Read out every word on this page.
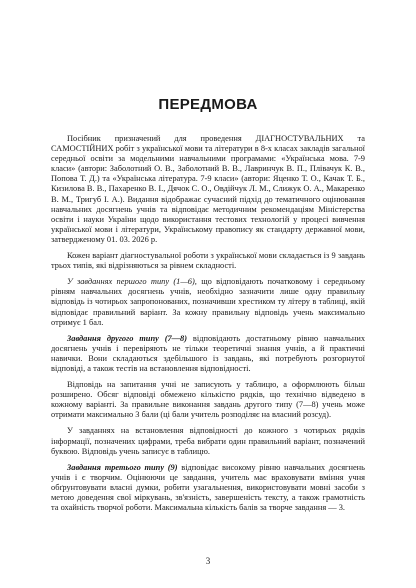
ПЕРЕДМОВА

Посібник призначений для проведення ДІАГНОСТУВАЛЬНИХ та САМОСТІЙНИХ робіт з української мови та літератури в 8-х класах закладів загальної середньої освіти за модельними навчальними програмами: «Українська мова. 7-9 класи» (автори: Заболотний О. В., Заболотний В. В., Лавринчук В. П., Плівачук К. В., Попова Т. Д.) та «Українська література. 7-9 класи» (автори: Яценко Т. О., Качак Т. Б., Кизилова В. В., Пахаренко В. І., Дячок С. О., Овдійчук Л. М., Слижук О. А., Макаренко В. М., Тригуб І. А.). Видання відображає сучасний підхід до тематичного оцінювання навчальних досягнень учнів та відповідає методичним рекомендаціям Міністерства освіти і науки України щодо використання тестових технологій у процесі вивчення української мови і літератури, Українському правопису як стандарту державної мови, затвердженому 01. 03. 2026 р.

Кожен варіант діагностувальної роботи з української мови складається із 9 завдань трьох типів, які відрізняються за рівнем складності.

У завданнях першого типу (1—6), що відповідають початковому і середньому рівням навчальних досягнень учнів, необхідно зазначити лише одну правильну відповідь із чотирьох запропонованих, позначивши хрестиком ту літеру в таблиці, якій відповідає правильний варіант. За кожну правильну відповідь учень максимально отримує 1 бал.

Завдання другого типу (7—8) відповідають достатньому рівню навчальних досягнень учнів і перевіряють не тільки теоретичні знання учнів, а й практичні навички. Вони складаються здебільшого із завдань, які потребують розгорнутої відповіді, а також тестів на встановлення відповідності.

Відповідь на запитання учні не записують у таблицю, а оформлюють більш розширено. Обсяг відповіді обмежено кількістю рядків, що технічно відведено в кожному варіанті. За правильне виконання завдань другого типу (7—8) учень може отримати максимально 3 бали (ці бали учитель розподіляє на власний розсуд).

У завданнях на встановлення відповідності до кожного з чотирьох рядків інформації, позначених цифрами, треба вибрати один правильний варіант, позначений буквою. Відповідь учень записує в таблицю.

Завдання третього типу (9) відповідає високому рівню навчальних досягнень учнів і є творчим. Оцінюючи це завдання, учитель має враховувати вміння учня обґрунтовувати власні думки, робити узагальнення, використовувати мовні засоби з метою доведення свої міркувань, зв'язність, завершеність тексту, а також грамотність та охайність творчої роботи. Максимальна кількість балів за творче завдання — 3.

3
